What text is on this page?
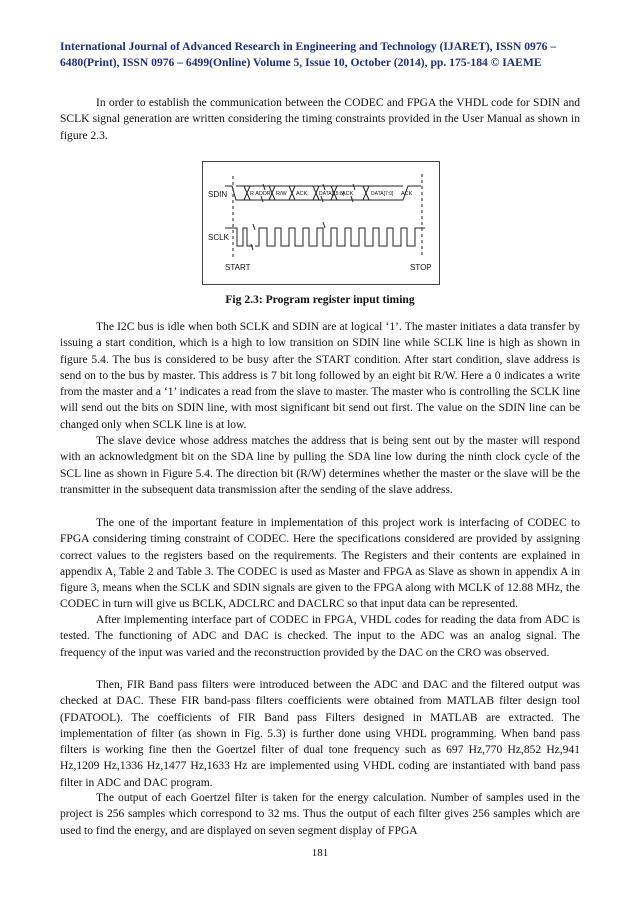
International Journal of Advanced Research in Engineering and Technology (IJARET), ISSN 0976 –
6480(Print), ISSN 0976 – 6499(Online) Volume 5, Issue 10, October (2014), pp. 175-184 © IAEME

In order to establish the communication between the CODEC and FPGA the VHDL code for SDIN and SCLK signal generation are written considering the timing constraints provided in the User Manual as shown in figure 2.3.

SDIN
SCLK
START	STOP
R ADDR R/W ACK DATA[15:8]
ACK	DATA[7:0] ACK
Fig 2.3: Program register input timing

The I2C bus is idle when both SCLK and SDIN are at logical ‘1’. The master initiates a data transfer by issuing a start condition, which is a high to low transition on SDIN line while SCLK line is high as shown in figure 5.4. The bus is considered to be busy after the START condition. After start condition, slave address is send on to the bus by master. This address is 7 bit long followed by an eight bit R/W. Here a 0 indicates a write from the master and a ‘1’ indicates a read from the slave to master. The master who is controlling the SCLK line will send out the bits on SDIN line, with most significant bit send out first. The value on the SDIN line can be changed only when SCLK line is at low.

The slave device whose address matches the address that is being sent out by the master will respond with an acknowledgment bit on the SDA line by pulling the SDA line low during the ninth clock cycle of the SCL line as shown in Figure 5.4. The direction bit (R/W) determines whether the master or the slave will be the transmitter in the subsequent data transmission after the sending of the slave address.

The one of the important feature in implementation of this project work is interfacing of CODEC to FPGA considering timing constraint of CODEC. Here the specifications considered are provided by assigning correct values to the registers based on the requirements. The Registers and their contents are explained in appendix A, Table 2 and Table 3. The CODEC is used as Master and FPGA as Slave as shown in appendix A in figure 3, means when the SCLK and SDIN signals are given to the FPGA along with MCLK of 12.88 MHz, the CODEC in turn will give us BCLK, ADCLRC and DACLRC so that input data can be represented.

After implementing interface part of CODEC in FPGA, VHDL codes for reading the data from ADC is tested. The functioning of ADC and DAC is checked. The input to the ADC was an analog signal. The frequency of the input was varied and the reconstruction provided by the DAC on the CRO was observed.

Then, FIR Band pass filters were introduced between the ADC and DAC and the filtered output was checked at DAC. These FIR band-pass filters coefficients were obtained from MATLAB filter design tool (FDATOOL). The coefficients of FIR Band pass Filters designed in MATLAB are extracted. The implementation of filter (as shown in Fig. 5.3) is further done using VHDL programming. When band pass filters is working fine then the Goertzel filter of dual tone frequency such as 697 Hz,770 Hz,852 Hz,941 Hz,1209 Hz,1336 Hz,1477 Hz,1633 Hz are implemented using VHDL coding are instantiated with band pass filter in ADC and DAC program.

The output of each Goertzel filter is taken for the energy calculation. Number of samples used in the project is 256 samples which correspond to 32 ms. Thus the output of each filter gives 256 samples which are used to find the energy, and are displayed on seven segment display of FPGA

181
